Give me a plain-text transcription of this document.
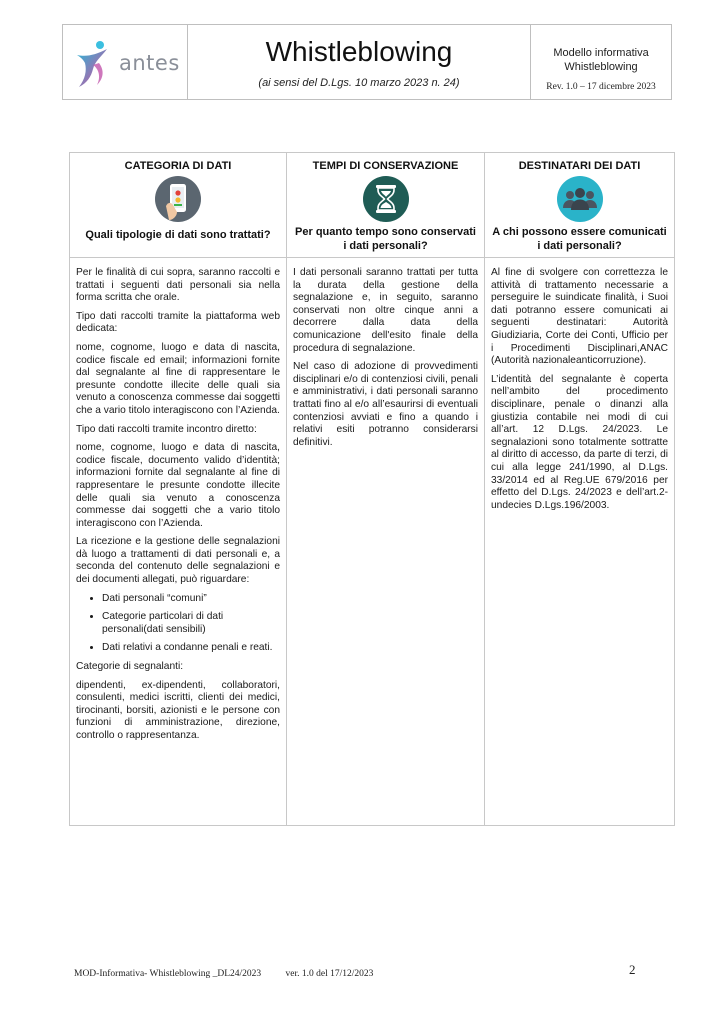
antes	Whistleblowing
(ai sensi del D.Lgs. 10 marzo 2023 n. 24)
Modello informativa
Whistleblowing
Rev. 1.0 – 17 dicembre 2023
CATEGORIA DI DATI
Quali tipologie di dati sono trattati?

Per le finalità di cui sopra, saranno raccolti e trattati i seguenti dati personali sia nella forma scritta che orale.

Tipo dati raccolti tramite la piattaforma web dedicata:

nome, cognome, luogo e data di nascita, codice fiscale ed email; informazioni fornite dal segnalante al fine di rappresentare le presunte condotte illecite delle quali sia venuto a conoscenza commesse dai soggetti che a vario titolo interagiscono con l’Azienda.

Tipo dati raccolti tramite incontro diretto:

nome, cognome, luogo e data di nascita, codice fiscale, documento valido d’identità; informazioni fornite dal segnalante al fine di rappresentare le presunte condotte illecite delle quali sia venuto a conoscenza commesse dai soggetti che a vario titolo interagiscono con l’Azienda.

La ricezione e la gestione delle segnalazioni dà luogo a trattamenti di dati personali e, a seconda del contenuto delle segnalazioni e dei documenti allegati, può riguardare:

• Dati personali “comuni”
• Categorie particolari di dati personali(dati sensibili)
• Dati relativi a condanne penali e reati.

Categorie di segnalanti:

dipendenti, ex-dipendenti, collaboratori, consulenti, medici iscritti, clienti dei medici, tirocinanti, borsiti, azionisti e le persone con funzioni di amministrazione, direzione, controllo o rappresentanza.

TEMPI DI CONSERVAZIONE
Per quanto tempo sono conservati i dati personali?

I dati personali saranno trattati per tutta la durata della gestione della segnalazione e, in seguito, saranno conservati non oltre cinque anni a decorrere dalla data della comunicazione dell'esito finale della procedura di segnalazione.

Nel caso di adozione di provvedimenti disciplinari e/o di contenziosi civili, penali e amministrativi, i dati personali saranno trattati fino al e/o all’esaurirsi di eventuali contenziosi avviati e fino a quando i relativi esiti potranno considerarsi definitivi.

DESTINATARI DEI DATI
A chi possono essere comunicati i dati personali?

Al fine di svolgere con correttezza le attività di trattamento necessarie a perseguire le suindicate finalità, i Suoi dati potranno essere comunicati ai seguenti destinatari: Autorità Giudiziaria, Corte dei Conti, Ufficio per i Procedimenti Disciplinari,ANAC (Autorità nazionaleanticorruzione).

L’identità del segnalante è coperta nell’ambito del procedimento disciplinare, penale o dinanzi alla giustizia contabile nei modi di cui all’art. 12 D.Lgs. 24/2023. Le segnalazioni sono totalmente sottratte al diritto di accesso, da parte di terzi, di cui alla legge 241/1990, al D.Lgs. 33/2014 ed al Reg.UE 679/2016 per effetto del D.Lgs. 24/2023 e dell’art.2-undecies D.Lgs.196/2003.

MOD-Informativa- Whistleblowing _DL24/2023	ver. 1.0 del 17/12/2023	2
